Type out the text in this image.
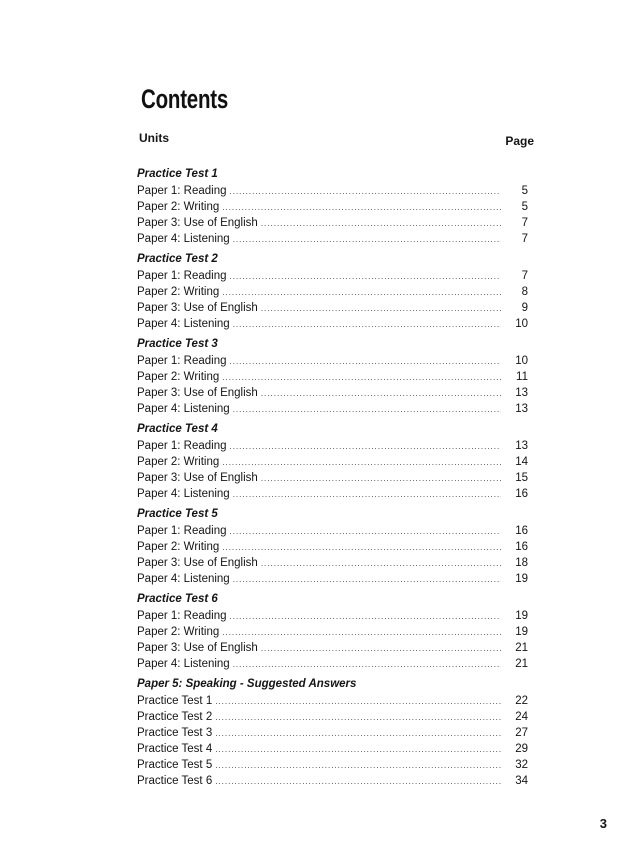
Contents
Units	Page
Practice Test 1
Paper 1: Reading .....	5
Paper 2: Writing .....	5
Paper 3: Use of English .....	7
Paper 4: Listening .....	7
Practice Test 2
Paper 1: Reading .....	7
Paper 2: Writing .....	8
Paper 3: Use of English .....	9
Paper 4: Listening .....	10
Practice Test 3
Paper 1: Reading .....	10
Paper 2: Writing .....	11
Paper 3: Use of English .....	13
Paper 4: Listening .....	13
Practice Test 4
Paper 1: Reading .....	13
Paper 2: Writing .....	14
Paper 3: Use of English .....	15
Paper 4: Listening .....	16
Practice Test 5
Paper 1: Reading .....	16
Paper 2: Writing .....	16
Paper 3: Use of English .....	18
Paper 4: Listening .....	19
Practice Test 6
Paper 1: Reading .....	19
Paper 2: Writing .....	19
Paper 3: Use of English .....	21
Paper 4: Listening .....	21
Paper 5: Speaking - Suggested Answers
Practice Test 1 .....	22
Practice Test 2 .....	24
Practice Test 3 .....	27
Practice Test 4 .....	29
Practice Test 5 .....	32
Practice Test 6 .....	34
3
